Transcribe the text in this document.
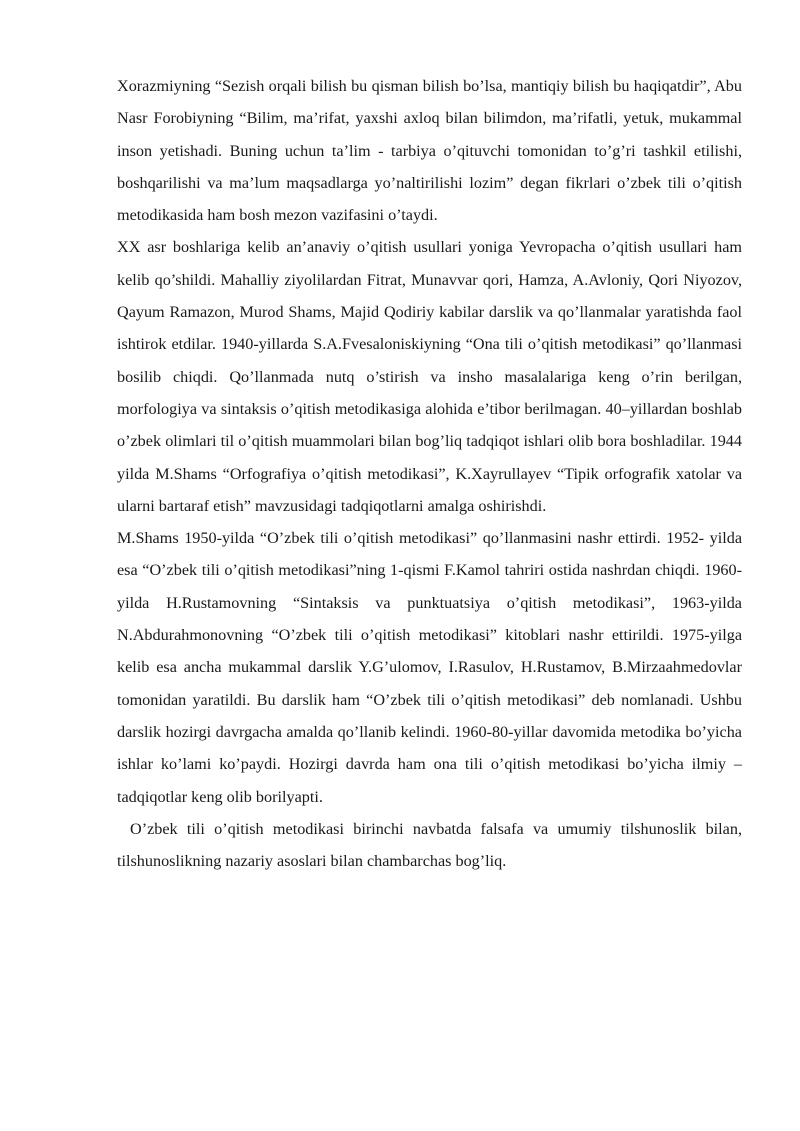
Xorazmiyning “Sezish orqali bilish bu qisman bilish bo’lsa, mantiqiy bilish bu haqiqatdir”, Abu Nasr Forobiyning “Bilim, ma’rifat, yaxshi axloq bilan bilimdon, ma’rifatli, yetuk, mukammal inson yetishadi. Buning uchun ta’lim - tarbiya o’qituvchi tomonidan to’g’ri tashkil etilishi, boshqarilishi va ma’lum maqsadlarga yo’naltirilishi lozim” degan fikrlari o’zbek tili o’qitish metodikasida ham bosh mezon vazifasini o’taydi.

XX asr boshlariga kelib an’anaviy o’qitish usullari yoniga Yevropacha o’qitish usullari ham kelib qo’shildi. Mahalliy ziyolilardan Fitrat, Munavvar qori, Hamza, A.Avloniy, Qori Niyozov, Qayum Ramazon, Murod Shams, Majid Qodiriy kabilar darslik va qo’llanmalar yaratishda faol ishtirok etdilar. 1940-yillarda S.A.Fvesaloniskiyning “Ona tili o’qitish metodikasi” qo’llanmasi bosilib chiqdi. Qo’llanmada nutq o’stirish va insho masalalariga keng o’rin berilgan, morfologiya va sintaksis o’qitish metodikasiga alohida e’tibor berilmagan. 40–yillardan boshlab o’zbek olimlari til o’qitish muammolari bilan bog’liq tadqiqot ishlari olib bora boshladilar. 1944 yilda M.Shams “Orfografiya o’qitish metodikasi”, K.Xayrullayev “Tipik orfografik xatolar va ularni bartaraf etish” mavzusidagi tadqiqotlarni amalga oshirishdi.

M.Shams 1950-yilda “O’zbek tili o’qitish metodikasi” qo’llanmasini nashr ettirdi. 1952- yilda esa “O’zbek tili o’qitish metodikasi”ning 1-qismi F.Kamol tahriri ostida nashrdan chiqdi. 1960-yilda H.Rustamovning “Sintaksis va punktuatsiya o’qitish metodikasi”, 1963-yilda N.Abdurahmonovning “O’zbek tili o’qitish metodikasi” kitoblari nashr ettirildi. 1975-yilga kelib esa ancha mukammal darslik Y.G’ulomov, I.Rasulov, H.Rustamov, B.Mirzaahmedovlar tomonidan yaratildi. Bu darslik ham “O’zbek tili o’qitish metodikasi” deb nomlanadi. Ushbu darslik hozirgi davrgacha amalda qo’llanib kelindi. 1960-80-yillar davomida metodika bo’yicha ishlar ko’lami ko’paydi. Hozirgi davrda ham ona tili o’qitish metodikasi bo’yicha ilmiy – tadqiqotlar keng olib borilyapti.

O’zbek tili o’qitish metodikasi birinchi navbatda falsafa va umumiy tilshunoslik bilan, tilshunoslikning nazariy asoslari bilan chambarchas bog’liq.
